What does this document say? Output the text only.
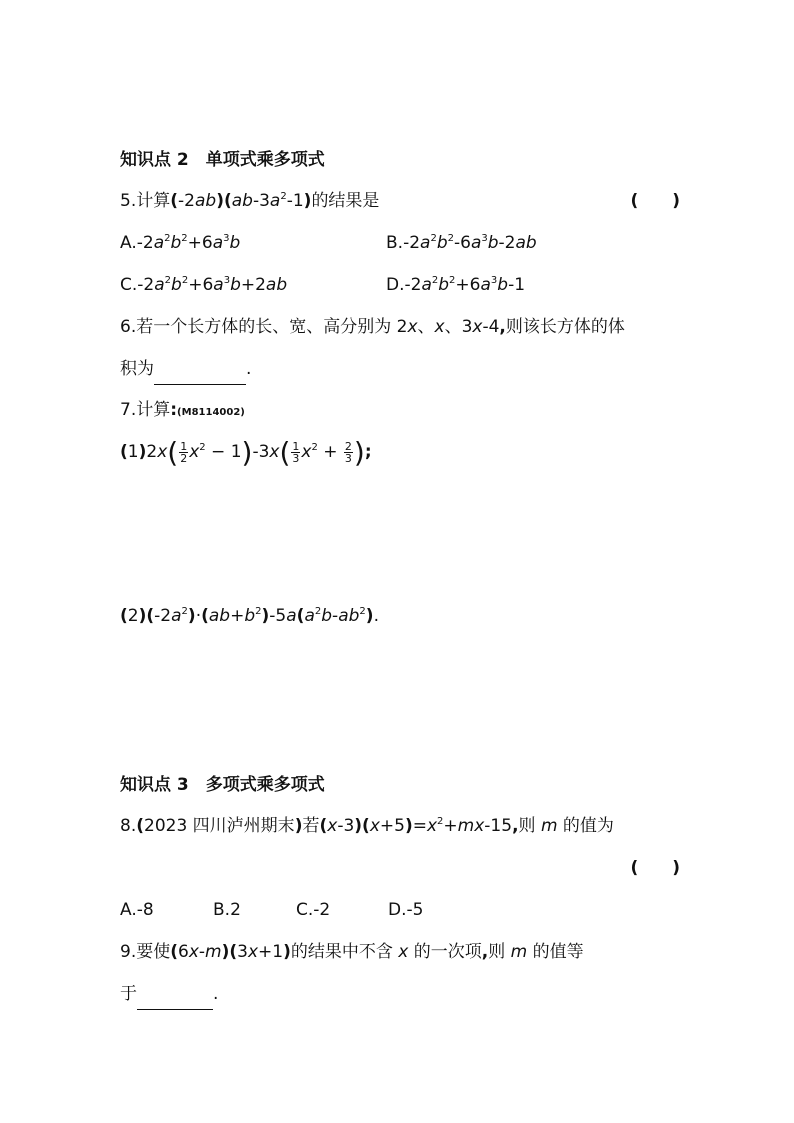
知识点 2　单项式乘多项式
5.计算$(-2ab)(ab-3a^2-1)$的结果是	(　　)
$A.-2a^2b^2+6a^3b$	$B.-2a^2b^2-6a^3b-2ab$
$C.-2a^2b^2+6a^3b+2ab$	$D.-2a^2b^2+6a^3b-1$
6.若一个长方体的长、宽、高分别为 2x、x、3x-4,则该长方体的体
积为	.
7.计算:(M8114002)
$(1)2x( \frac{1}{2} x^2 - 1)-3x( \frac{1}{3} x^2 + \frac{2}{3}$ );
$(2)(-2a^2)\cdot(ab+b^2)-5a(a^2b-ab^2)$.
知识点 3　多项式乘多项式
8.(2023 四川泸州期末)若$(x-3)(x+5)=x^2+mx-15$,则 m 的值为
(　　)
A.-8	B.2	C.-2	D.-5
9.要使(6x-m)(3x+1)的结果中不含 x 的一次项,则 m 的值等
于	.
